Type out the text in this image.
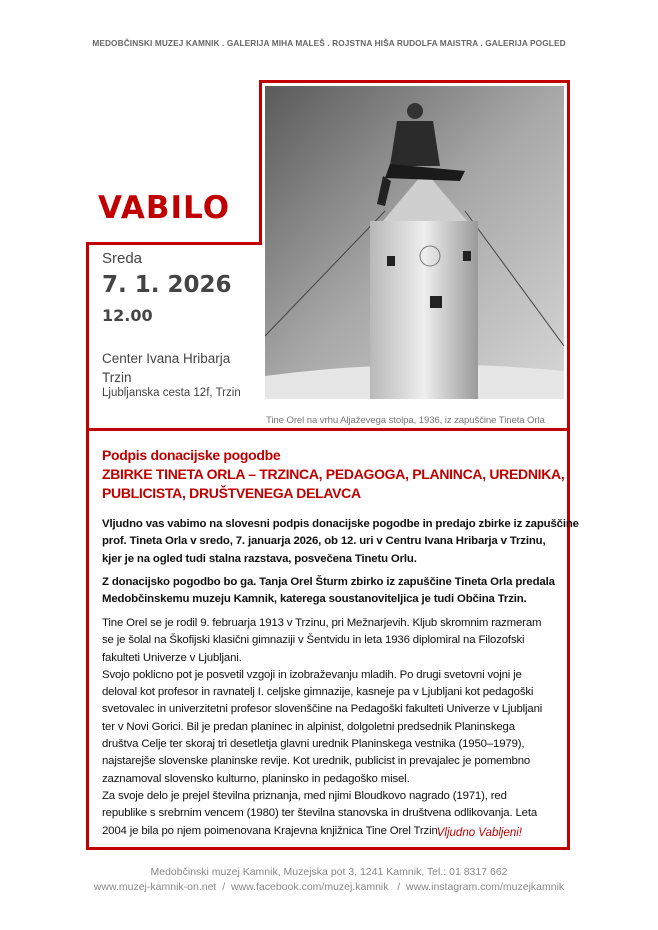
MEDOBČINSKI MUZEJ KAMNIK . GALERIJA MIHA MALEŠ . ROJSTNA HIŠA RUDOLFA MAISTRA . GALERIJA POGLED
VABILO
Tine Orel na vrhu Aljaževega stolpa, 1936, iz zapuščine Tineta Orla
Sreda
7. 1. 2026
12.00
Center Ivana Hribarja
Trzin
Ljubljanska cesta 12f, Trzin
Podpis donacijske pogodbe
ZBIRKE TINETA ORLA – TRZINCA, PEDAGOGA, PLANINCA, UREDNIKA,
PUBLICISTA, DRUŠTVENEGA DELAVCA
Vljudno vas vabimo na slovesni podpis donacijske pogodbe in predajo zbirke iz zapuščine
prof. Tineta Orla v sredo, 7. januarja 2026, ob 12. uri v Centru Ivana Hribarja v Trzinu,
kjer je na ogled tudi stalna razstava, posvečena Tinetu Orlu.
Z donacijsko pogodbo bo ga. Tanja Orel Šturm zbirko iz zapuščine Tineta Orla predala
Medobčinskemu muzeju Kamnik, katerega soustanoviteljica je tudi Občina Trzin.
Tine Orel se je rodil 9. februarja 1913 v Trzinu, pri Mežnarjevih. Kljub skromnim razmeram
se je šolal na Škofijski klasični gimnaziji v Šentvidu in leta 1936 diplomiral na Filozofski
fakulteti Univerze v Ljubljani.
Svojo poklicno pot je posvetil vzgoji in izobraževanju mladih. Po drugi svetovni vojni je
deloval kot profesor in ravnatelj I. celjske gimnazije, kasneje pa v Ljubljani kot pedagoški
svetovalec in univerzitetni profesor slovenščine na Pedagoški fakulteti Univerze v Ljubljani
ter v Novi Gorici. Bil je predan planinec in alpinist, dolgoletni predsednik Planinskega
društva Celje ter skoraj tri desetletja glavni urednik Planinskega vestnika (1950–1979),
najstarejše slovenske planinske revije. Kot urednik, publicist in prevajalec je pomembno
zaznamoval slovensko kulturno, planinsko in pedagoško misel.
Za svoje delo je prejel številna priznanja, med njimi Bloudkovo nagrado (1971), red
republike s srebrnim vencem (1980) ter številna stanovska in društvena odlikovanja. Leta
2004 je bila po njem poimenovana Krajevna knjižnica Tine Orel Trzin.
Vljudno Vabljeni!
Medobčinski muzej Kamnik, Muzejska pot 3, 1241 Kamnik, Tel.: 01 8317 662
www.muzej-kamnik-on.net / www.facebook.com/muzej.kamnik / www.instagram.com/muzejkamnik
